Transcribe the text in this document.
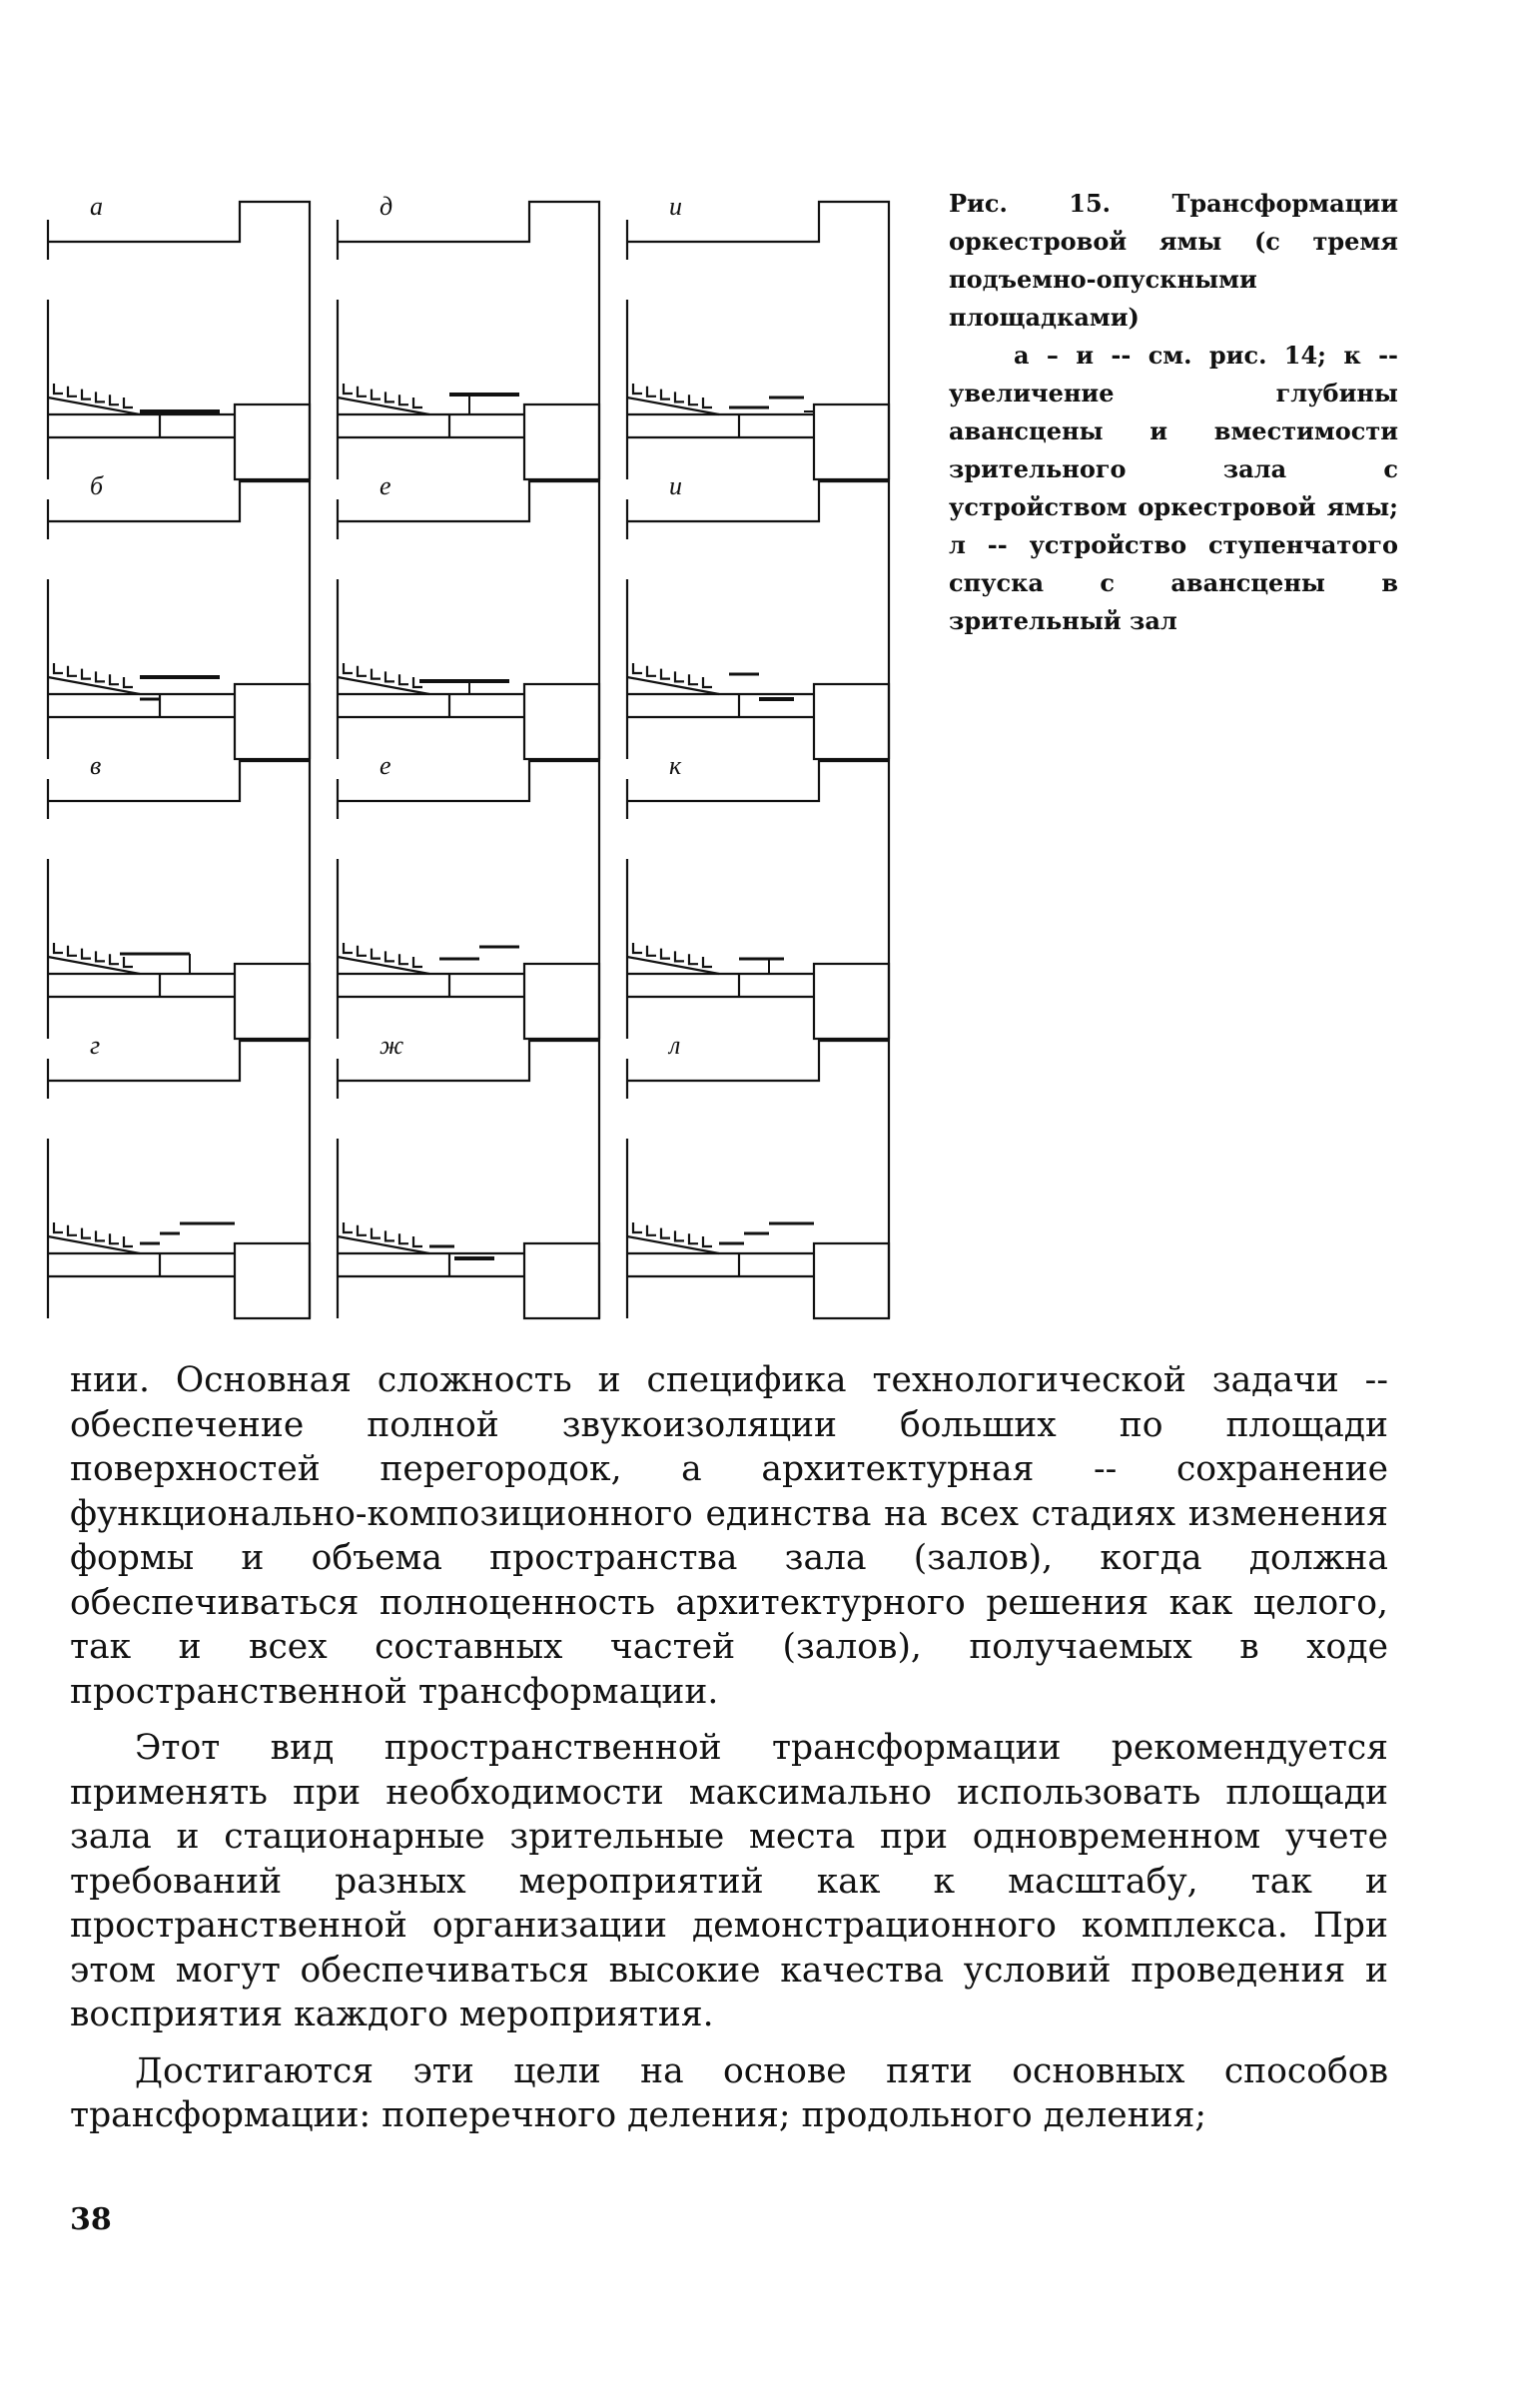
а	д	и
б	е	и
в	е	к
г	ж	л
Рис. 15. Трансформации оркестровой ямы (с тремя подъемно-опускными площадками)
а – и -- см. рис. 14; к -- увеличение глубины авансцены и вместимости зрительного зала с устройством оркестровой ямы; л -- устройство ступенчатого спуска с авансцены в зрительный зал

нии. Основная сложность и специфика технологической задачи -- обеспечение полной звукоизоляции больших по площади поверхностей перегородок, а архитектурная -- сохранение функционально-композиционного единства на всех стадиях изменения формы и объема пространства зала (залов), когда должна обеспечиваться полноценность архитектурного решения как целого, так и всех составных частей (залов), получаемых в ходе пространственной трансформации.

Этот вид пространственной трансформации рекомендуется применять при необходимости максимально использовать площади зала и стационарные зрительные места при одновременном учете требований разных мероприятий как к масштабу, так и пространственной организации демонстрационного комплекса. При этом могут обеспечиваться высокие качества условий проведения и восприятия каждого мероприятия.

Достигаются эти цели на основе пяти основных способов трансформации: поперечного деления; продольного деления;

38
